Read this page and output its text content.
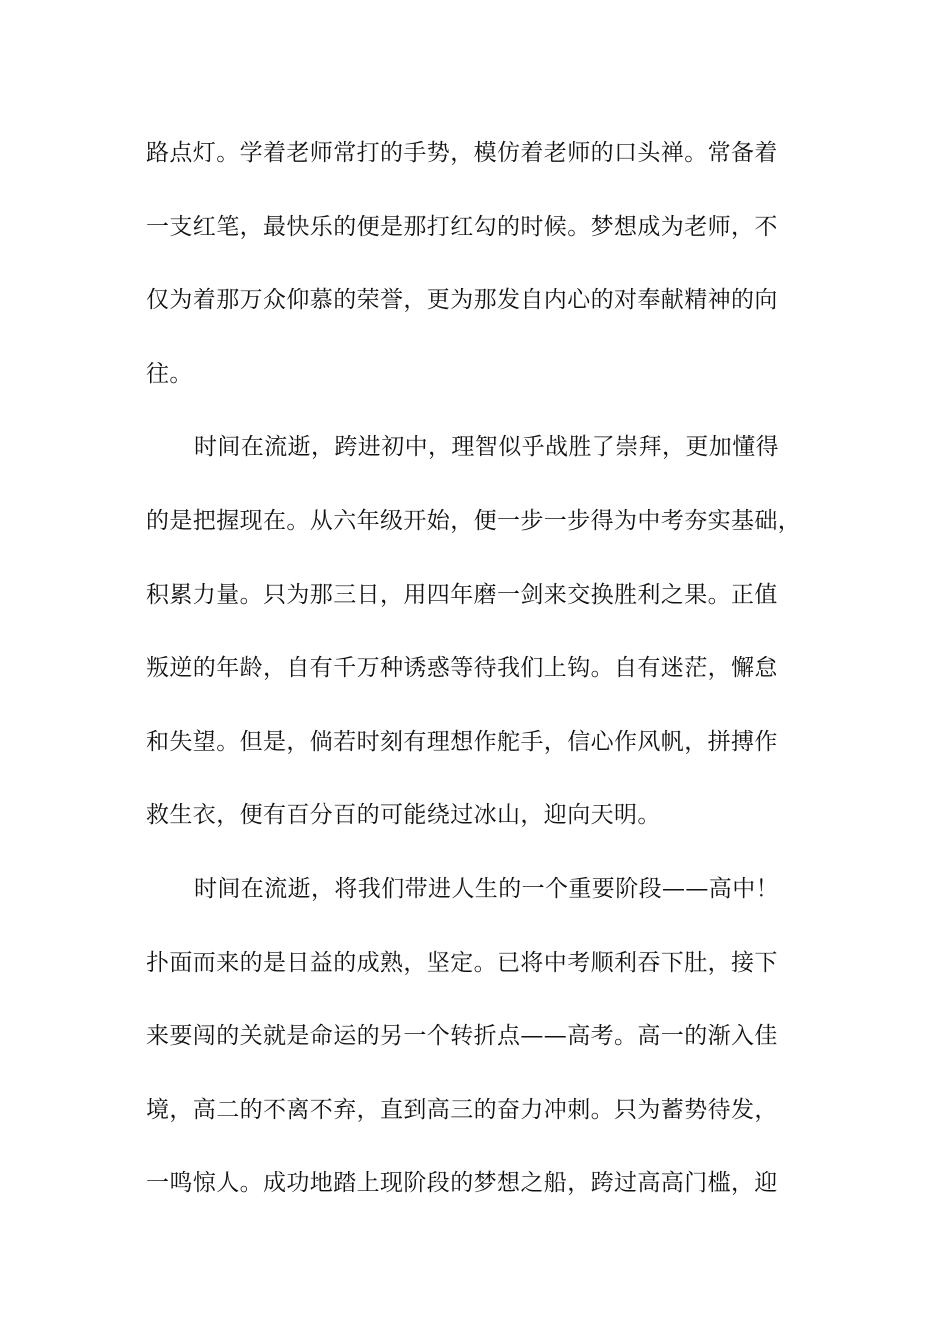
路点灯。学着老师常打的手势，模仿着老师的口头禅。常备着
一支红笔，最快乐的便是那打红勾的时候。梦想成为老师，不
仅为着那万众仰慕的荣誉，更为那发自内心的对奉献精神的向
往。
时间在流逝，跨进初中，理智似乎战胜了崇拜，更加懂得
的是把握现在。从六年级开始，便一步一步得为中考夯实基础，
积累力量。只为那三日，用四年磨一剑来交换胜利之果。正值
叛逆的年龄，自有千万种诱惑等待我们上钩。自有迷茫，懈怠
和失望。但是，倘若时刻有理想作舵手，信心作风帆，拼搏作
救生衣，便有百分百的可能绕过冰山，迎向天明。
时间在流逝，将我们带进人生的一个重要阶段——高中！
扑面而来的是日益的成熟，坚定。已将中考顺利吞下肚，接下
来要闯的关就是命运的另一个转折点——高考。高一的渐入佳
境，高二的不离不弃，直到高三的奋力冲刺。只为蓄势待发，
一鸣惊人。成功地踏上现阶段的梦想之船，跨过高高门槛，迎
